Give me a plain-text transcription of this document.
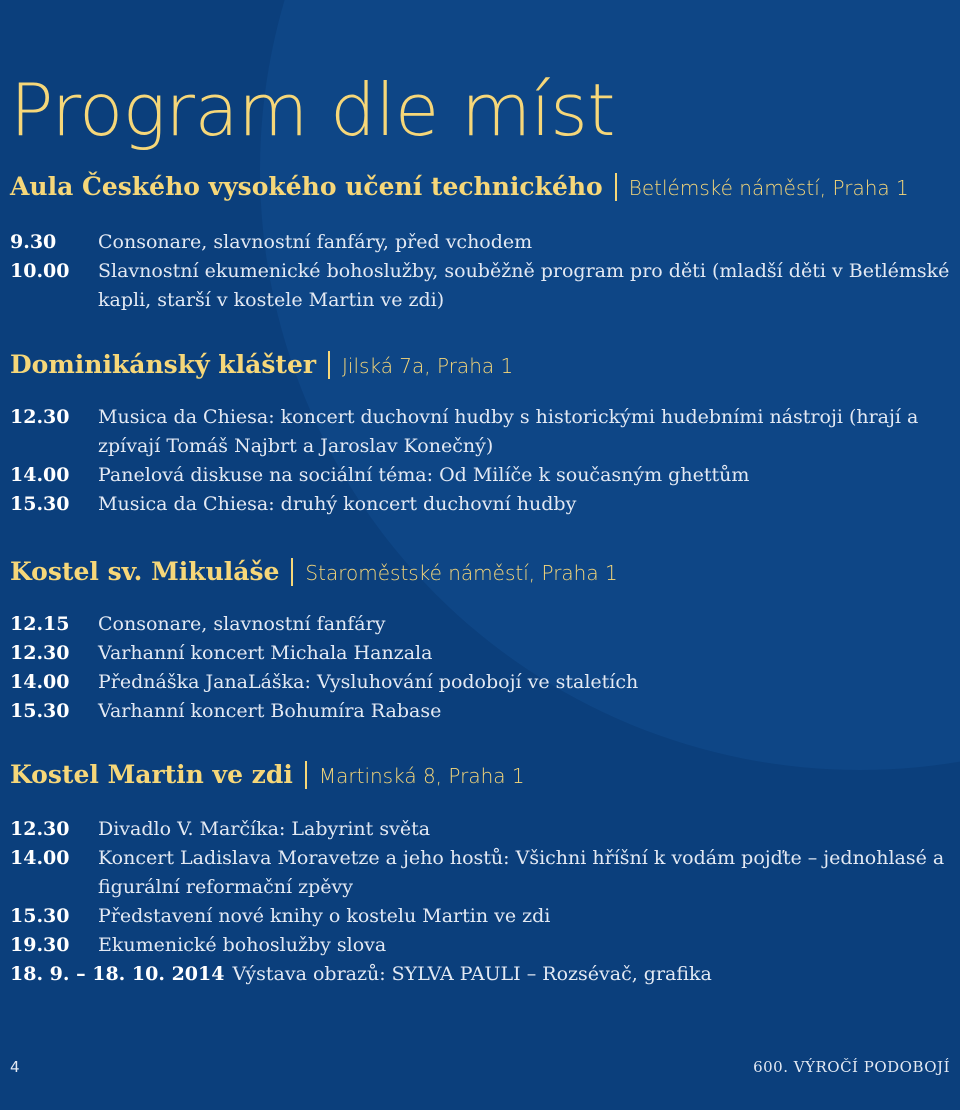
Program dle míst
Aula Českého vysokého učení technického Betlémské náměstí, Praha 1
9.30	Consonare, slavnostní fanfáry, před vchodem
10.00	Slavnostní ekumenické bohoslužby, souběžně program pro děti (mladší děti v Betlémské kapli, starší v kostele Martin ve zdi)
Dominikánský klášter Jilská 7a, Praha 1
12.30	Musica da Chiesa: koncert duchovní hudby s historickými hudebními nástroji (hrají a zpívají Tomáš Najbrt a Jaroslav Konečný)
14.00	Panelová diskuse na sociální téma: Od Milíče k současným ghettům
15.30	Musica da Chiesa: druhý koncert duchovní hudby
Kostel sv. Mikuláše Staroměstské náměstí, Praha 1
12.15	Consonare, slavnostní fanfáry
12.30	Varhanní koncert Michala Hanzala
14.00	Přednáška JanaLáška: Vysluhování podobojí ve staletích
15.30	Varhanní koncert Bohumíra Rabase
Kostel Martin ve zdi Martinská 8, Praha 1
12.30	Divadlo V. Marčíka: Labyrint světa
14.00	Koncert Ladislava Moravetze a jeho hostů: Všichni hříšní k vodám pojďte – jednohlasé a figurální reformační zpěvy
15.30	Představení nové knihy o kostelu Martin ve zdi
19.30	Ekumenické bohoslužby slova
18. 9. – 18. 10. 2014 Výstava obrazů: SYLVA PAULI – Rozsévač, grafika
4	600. VÝROČÍ PODOBOJÍ
